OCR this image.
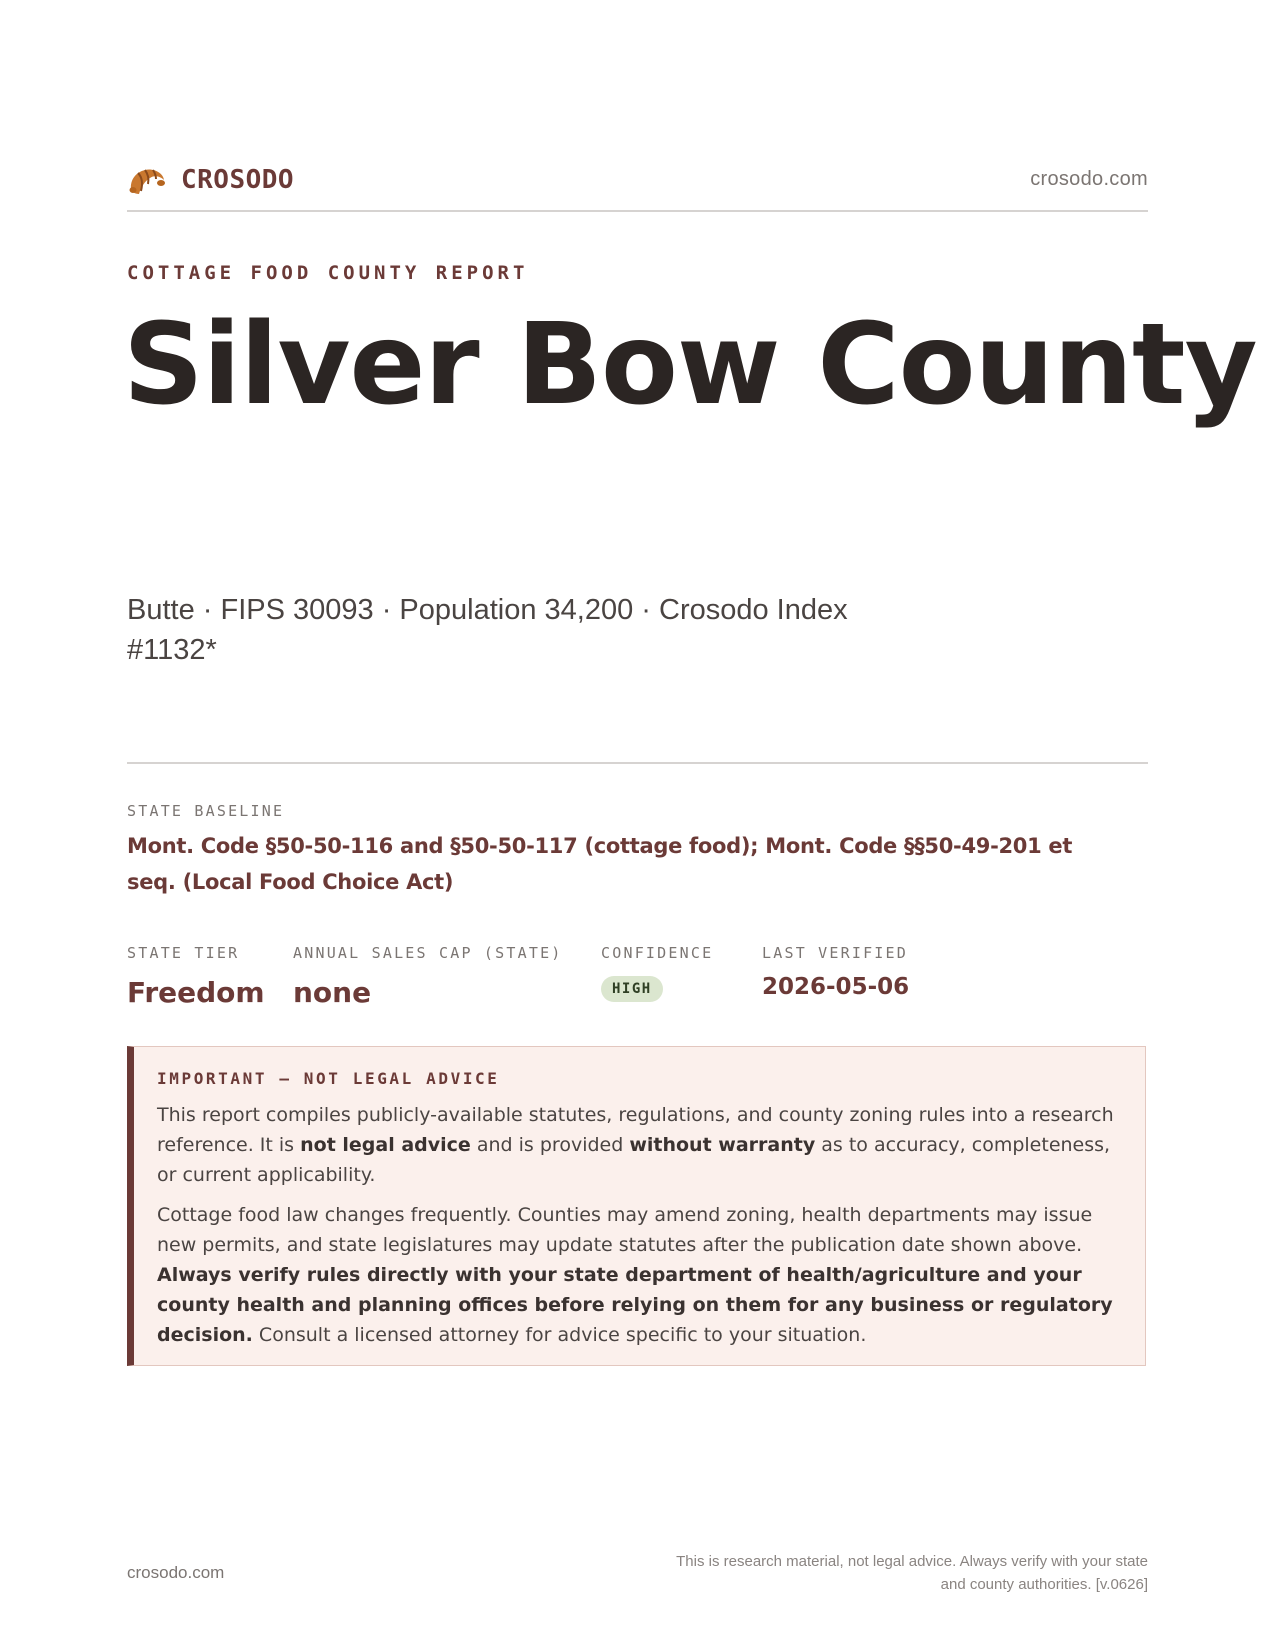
CROSODO	crosodo.com
COTTAGE FOOD COUNTY REPORT
Silver Bow County
Butte · FIPS 30093 · Population 34,200 · Crosodo Index #1132*
STATE BASELINE
Mont. Code §50-50-116 and §50-50-117 (cottage food); Mont. Code §§50-49-201 et seq. (Local Food Choice Act)
STATE TIER
Freedom
ANNUAL SALES CAP (STATE)
none
CONFIDENCE
HIGH
LAST VERIFIED
2026-05-06
IMPORTANT — NOT LEGAL ADVICE

This report compiles publicly-available statutes, regulations, and county zoning rules into a research reference. It is not legal advice and is provided without warranty as to accuracy, completeness, or current applicability.

Cottage food law changes frequently. Counties may amend zoning, health departments may issue new permits, and state legislatures may update statutes after the publication date shown above. Always verify rules directly with your state department of health/agriculture and your county health and planning offices before relying on them for any business or regulatory decision. Consult a licensed attorney for advice specific to your situation.

crosodo.com
This is research material, not legal advice. Always verify with your state
and county authorities. [v.0626]
